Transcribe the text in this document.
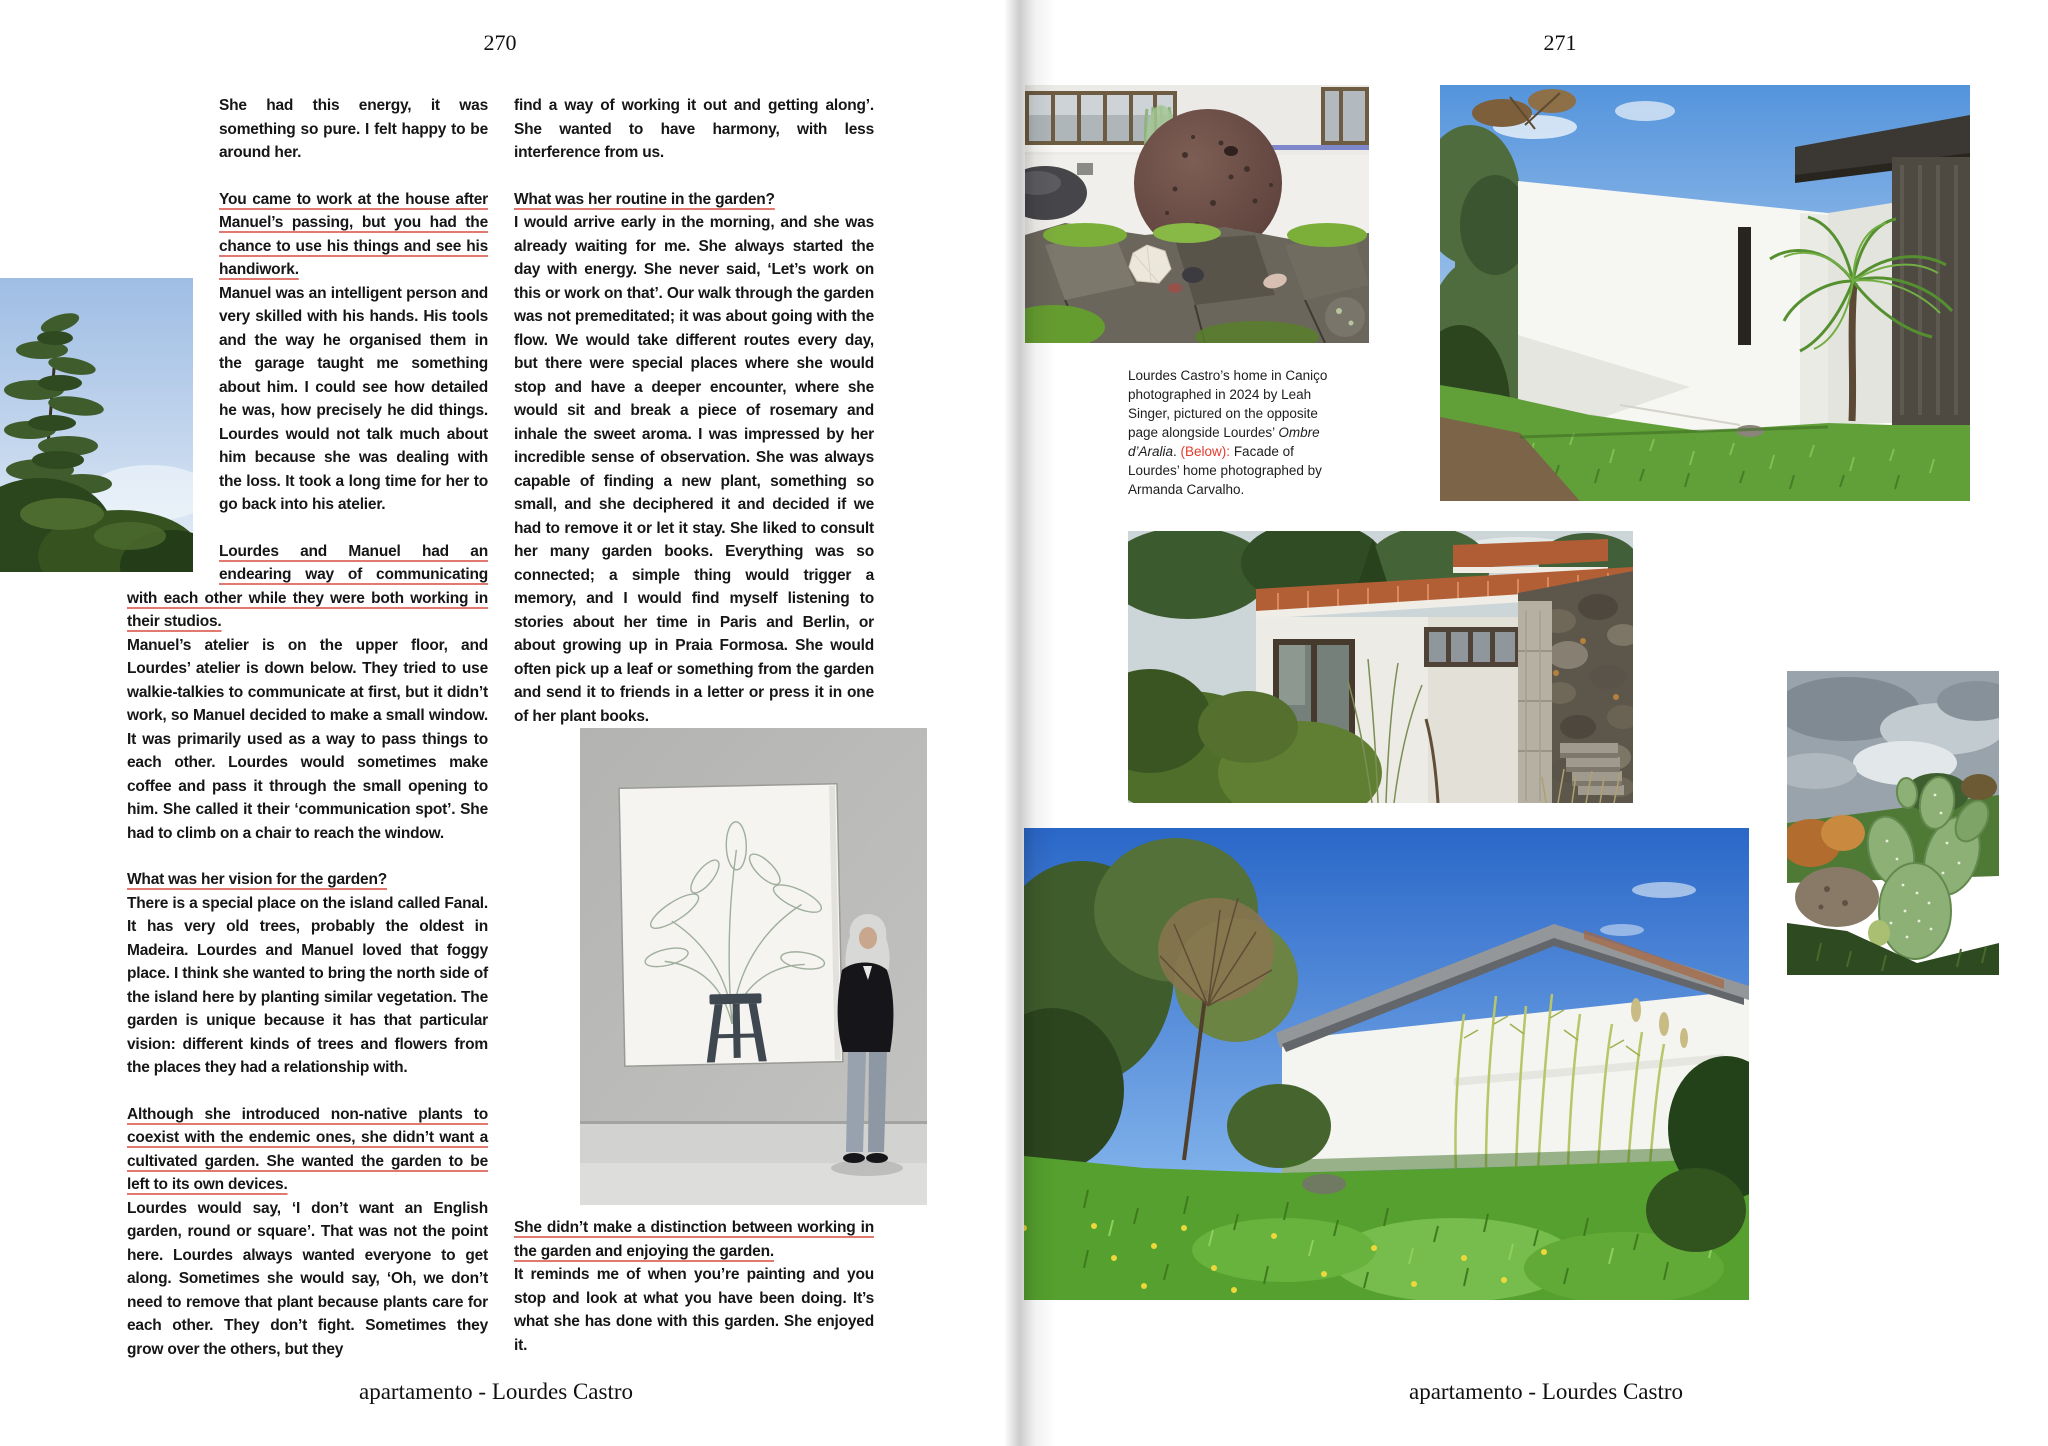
270	271

She had this energy, it was something so pure. I felt happy to be around her.

You came to work at the house after Manuel’s passing, but you had the chance to use his things and see his handiwork.

Manuel was an intelligent person and very skilled with his hands. His tools and the way he organised them in the garage taught me something about him. I could see how detailed he was, how precisely he did things. Lourdes would not talk much about him because she was dealing with the loss. It took a long time for her to go back into his atelier.

Lourdes and Manuel had an endearing way of communicating with each other while they were both working in their studios.

Manuel’s atelier is on the upper floor, and Lourdes’ atelier is down below. They tried to use walkie-talkies to communicate at first, but it didn’t work, so Manuel decided to make a small window. It was primarily used as a way to pass things to each other. Lourdes would sometimes make coffee and pass it through the small opening to him. She called it their ‘communication spot’. She had to climb on a chair to reach the window.

What was her vision for the garden?

There is a special place on the island called Fanal. It has very old trees, probably the oldest in Madeira. Lourdes and Manuel loved that foggy place. I think she wanted to bring the north side of the island here by planting similar vegetation. The garden is unique because it has that particular vision: different kinds of trees and flowers from the places they had a relationship with.

Although she introduced non-native plants to coexist with the endemic ones, she didn’t want a cultivated garden. She wanted the garden to be left to its own devices.

Lourdes would say, ‘I don’t want an English garden, round or square’. That was not the point here. Lourdes always wanted everyone to get along. Sometimes she would say, ‘Oh, we don’t need to remove that plant because plants care for each other. They don’t fight. Sometimes they grow over the others, but they

find a way of working it out and getting along’. She wanted to have harmony, with less interference from us.

What was her routine in the garden?

I would arrive early in the morning, and she was already waiting for me. She always started the day with energy. She never said, ‘Let’s work on this or work on that’. Our walk through the garden was not premeditated; it was about going with the flow. We would take different routes every day, but there were special places where she would stop and have a deeper encounter, where she would sit and break a piece of rosemary and inhale the sweet aroma. I was impressed by her incredible sense of observation. She was always capable of finding a new plant, something so small, and she deciphered it and decided if we had to remove it or let it stay. She liked to consult her many garden books. Everything was so connected; a simple thing would trigger a memory, and I would find myself listening to stories about her time in Paris and Berlin, or about growing up in Praia Formosa. She would often pick up a leaf or something from the garden and send it to friends in a letter or press it in one of her plant books.

She didn’t make a distinction between working in the garden and enjoying the garden.

It reminds me of when you’re painting and you stop and look at what you have been doing. It’s what she has done with this garden. She enjoyed it.

apartamento - Lourdes Castro
Lourdes Castro’s home in Caniço photographed in 2024 by Leah Singer, pictured on the opposite page alongside Lourdes’ Ombre d’Aralia. (Below): Facade of Lourdes’ home photographed by Armanda Carvalho.
apartamento - Lourdes Castro
